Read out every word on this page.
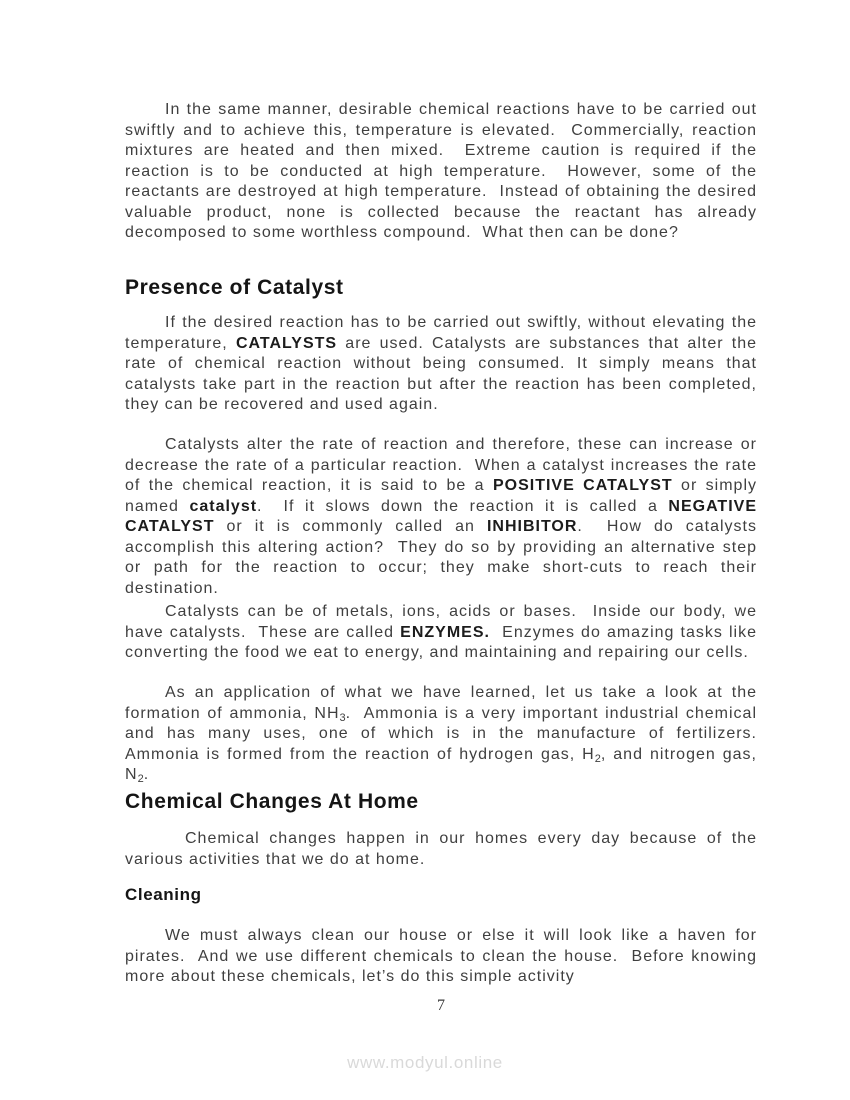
In the same manner, desirable chemical reactions have to be carried out swiftly and to achieve this, temperature is elevated.  Commercially, reaction mixtures are heated and then mixed.  Extreme caution is required if the reaction is to be conducted at high temperature.  However, some of the reactants are destroyed at high temperature.  Instead of obtaining the desired valuable product, none is collected because the reactant has already decomposed to some worthless compound.  What then can be done?

Presence of Catalyst

If the desired reaction has to be carried out swiftly, without elevating the temperature, CATALYSTS are used. Catalysts are substances that alter the rate of chemical reaction without being consumed. It simply means that catalysts take part in the reaction but after the reaction has been completed, they can be recovered and used again.

Catalysts alter the rate of reaction and therefore, these can increase or decrease the rate of a particular reaction.  When a catalyst increases the rate of the chemical reaction, it is said to be a POSITIVE CATALYST or simply named catalyst.  If it slows down the reaction it is called a NEGATIVE CATALYST or it is commonly called an INHIBITOR.  How do catalysts accomplish this altering action?  They do so by providing an alternative step or path for the reaction to occur; they make short-cuts to reach their destination.

Catalysts can be of metals, ions, acids or bases.  Inside our body, we have catalysts.  These are called ENZYMES.  Enzymes do amazing tasks like converting the food we eat to energy, and maintaining and repairing our cells.

As an application of what we have learned, let us take a look at the formation of ammonia, $NH_3$.  Ammonia is a very important industrial chemical and has many uses, one of which is in the manufacture of fertilizers.  Ammonia is formed from the reaction of hydrogen gas, $H_2$, and nitrogen gas, $N_2$.

Chemical Changes At Home

Chemical changes happen in our homes every day because of the various activities that we do at home.

Cleaning

We must always clean our house or else it will look like a haven for pirates.  And we use different chemicals to clean the house.  Before knowing more about these chemicals, let’s do this simple activity

7
www.modyul.online
